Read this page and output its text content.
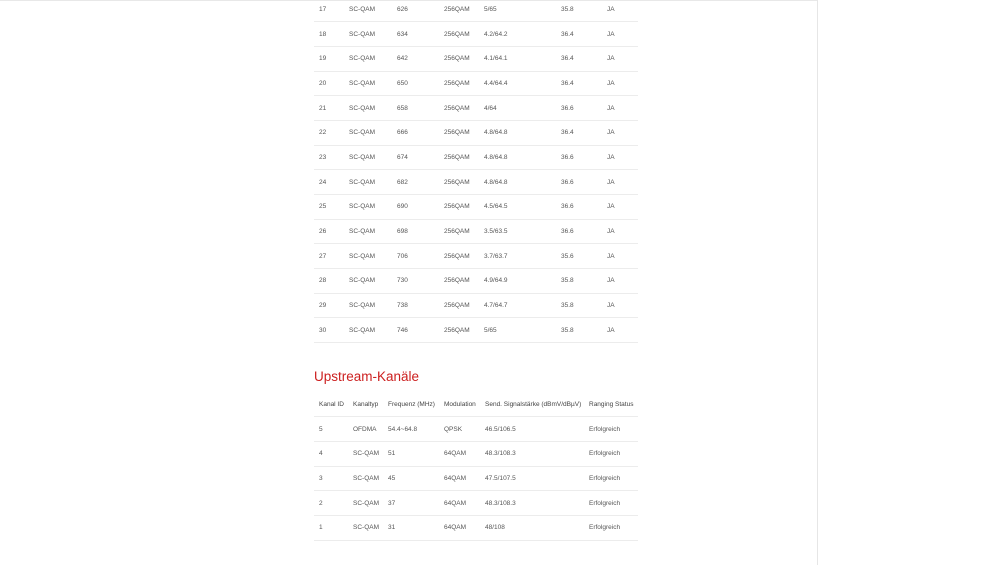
17	SC-QAM	626	256QAM	5/65	35.8	JA
18	SC-QAM	634	256QAM	4.2/64.2	36.4	JA
19	SC-QAM	642	256QAM	4.1/64.1	36.4	JA
20	SC-QAM	650	256QAM	4.4/64.4	36.4	JA
21	SC-QAM	658	256QAM	4/64	36.6	JA
22	SC-QAM	666	256QAM	4.8/64.8	36.4	JA
23	SC-QAM	674	256QAM	4.8/64.8	36.6	JA
24	SC-QAM	682	256QAM	4.8/64.8	36.6	JA
25	SC-QAM	690	256QAM	4.5/64.5	36.6	JA
26	SC-QAM	698	256QAM	3.5/63.5	36.6	JA
27	SC-QAM	706	256QAM	3.7/63.7	35.6	JA
28	SC-QAM	730	256QAM	4.9/64.9	35.8	JA
29	SC-QAM	738	256QAM	4.7/64.7	35.8	JA
30	SC-QAM	746	256QAM	5/65	35.8	JA
Upstream-Kanäle
Kanal ID	Kanaltyp	Frequenz (MHz)	Modulation	Send. Signalstärke (dBmV/dBµV)	Ranging Status
5	OFDMA	54.4~64.8	QPSK	46.5/106.5	Erfolgreich
4	SC-QAM	51	64QAM	48.3/108.3	Erfolgreich
3	SC-QAM	45	64QAM	47.5/107.5	Erfolgreich
2	SC-QAM	37	64QAM	48.3/108.3	Erfolgreich
1	SC-QAM	31	64QAM	48/108	Erfolgreich
